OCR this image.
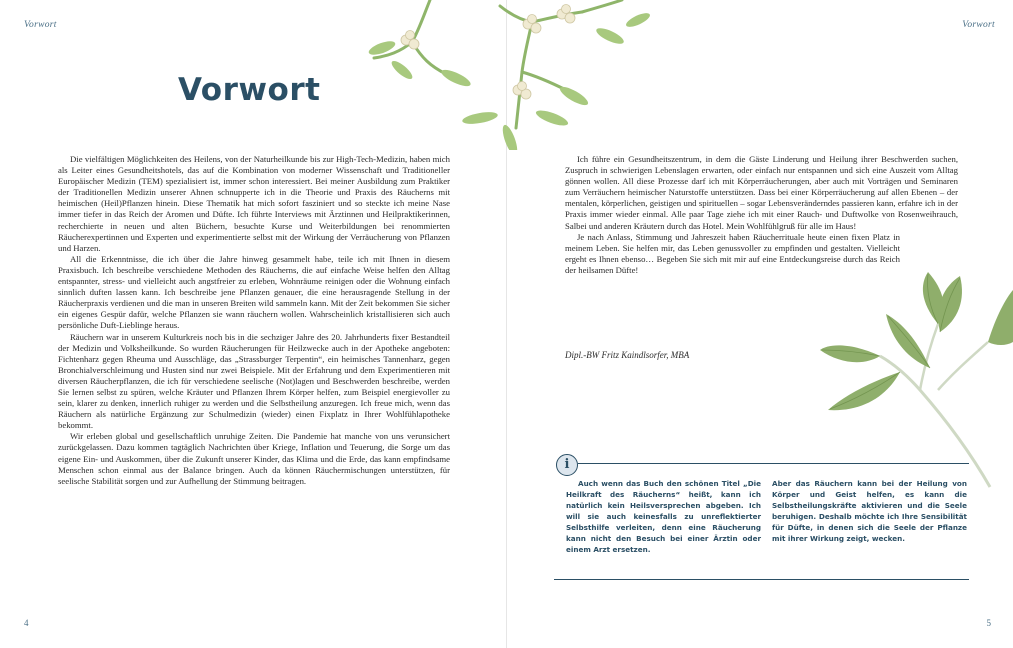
Vorwort
Vorwort

Die vielfältigen Möglichkeiten des Heilens, von der Naturheilkunde bis zur High-Tech-Medizin, haben mich als Leiter eines Gesundheitshotels, das auf die Kombination von moderner Wissenschaft und Traditioneller Europäischer Medizin (TEM) spezialisiert ist, immer schon interessiert. Bei meiner Ausbildung zum Praktiker der Traditionellen Medizin unserer Ahnen schnupperte ich in die Theorie und Praxis des Räucherns mit heimischen (Heil)Pflanzen hinein. Diese Thematik hat mich sofort fasziniert und so steckte ich meine Nase immer tiefer in das Reich der Aromen und Düfte. Ich führte Interviews mit Ärztinnen und Heilpraktikerinnen, recherchierte in neuen und alten Büchern, besuchte Kurse und Weiterbildungen bei renommierten Räucherexpertinnen und Experten und experimentierte selbst mit der Wirkung der Verräucherung von Pflanzen und Harzen.

All die Erkenntnisse, die ich über die Jahre hinweg gesammelt habe, teile ich mit Ihnen in diesem Praxisbuch. Ich beschreibe verschiedene Methoden des Räucherns, die auf einfache Weise helfen den Alltag entspannter, stress- und vielleicht auch angstfreier zu erleben, Wohnräume reinigen oder die Wohnung einfach sinnlich duften lassen kann. Ich beschreibe jene Pflanzen genauer, die eine herausragende Stellung in der Räucherpraxis verdienen und die man in unseren Breiten wild sammeln kann. Mit der Zeit bekommen Sie sicher ein eigenes Gespür dafür, welche Pflanzen sie wann räuchern wollen. Wahrscheinlich kristallisieren sich auch persönliche Duft-Lieblinge heraus.

Räuchern war in unserem Kulturkreis noch bis in die sechziger Jahre des 20. Jahrhunderts fixer Bestandteil der Medizin und Volksheilkunde. So wurden Räucherungen für Heilzwecke auch in der Apotheke angeboten: Fichtenharz gegen Rheuma und Ausschläge, das „Strassburger Terpentin“, ein heimisches Tannenharz, gegen Bronchialverschleimung und Husten sind nur zwei Beispiele. Mit der Erfahrung und dem Experimentieren mit diversen Räucherpflanzen, die ich für verschiedene seelische (Not)lagen und Beschwerden beschreibe, werden Sie lernen selbst zu spüren, welche Kräuter und Pflanzen Ihrem Körper helfen, zum Beispiel energievoller zu sein, klarer zu denken, innerlich ruhiger zu werden und die Selbstheilung anzuregen. Ich freue mich, wenn das Räuchern als natürliche Ergänzung zur Schulmedizin (wieder) einen Fixplatz in Ihrer Wohlfühlapotheke bekommt.

Wir erleben global und gesellschaftlich unruhige Zeiten. Die Pandemie hat manche von uns verunsichert zurückgelassen. Dazu kommen tagtäglich Nachrichten über Kriege, Inflation und Teuerung, die Sorge um das eigene Ein- und Auskommen, über die Zukunft unserer Kinder, das Klima und die Erde, das kann empfindsame Menschen schon einmal aus der Balance bringen. Auch da können Räuchermischungen unterstützen, für seelische Stabilität sorgen und zur Aufhellung der Stimmung beitragen.

4
Vorwort

Ich führe ein Gesundheitszentrum, in dem die Gäste Linderung und Heilung ihrer Beschwerden suchen, Zuspruch in schwierigen Lebenslagen erwarten, oder einfach nur entspannen und sich eine Auszeit vom Alltag gönnen wollen. All diese Prozesse darf ich mit Körperräucherungen, aber auch mit Vorträgen und Seminaren zum Verräuchern heimischer Naturstoffe unterstützen. Dass bei einer Körperräucherung auf allen Ebenen – der mentalen, körperlichen, geistigen und spirituellen – sogar Lebensveränderndes passieren kann, erfahre ich in der Praxis immer wieder einmal. Alle paar Tage ziehe ich mit einer Rauch- und Duftwolke von Rosenweihrauch, Salbei und anderen Kräutern durch das Hotel. Mein Wohlfühlgruß für alle im Haus!

Je nach Anlass, Stimmung und Jahreszeit haben Räucherrituale heute einen fixen Platz in meinem Leben. Sie helfen mir, das Leben genussvoller zu empfinden und gestalten. Vielleicht ergeht es Ihnen ebenso… Begeben Sie sich mit mir auf eine Entdeckungsreise durch das Reich der heilsamen Düfte!

Dipl.-BW Fritz Kaindlsorfer, MBA
i
Auch wenn das Buch den schönen Titel „Die Heilkraft des Räucherns“ heißt, kann ich natürlich kein Heilsversprechen abgeben. Ich will sie auch keinesfalls zu unreflektierter Selbsthilfe verleiten, denn eine Räucherung kann nicht den Besuch bei einer Ärztin oder einem Arzt ersetzen.
Aber das Räuchern kann bei der Heilung von Körper und Geist helfen, es kann die Selbstheilungskräfte aktivieren und die Seele beruhigen. Deshalb möchte ich Ihre Sensibilität für Düfte, in denen sich die Seele der Pflanze mit ihrer Wirkung zeigt, wecken.
5
